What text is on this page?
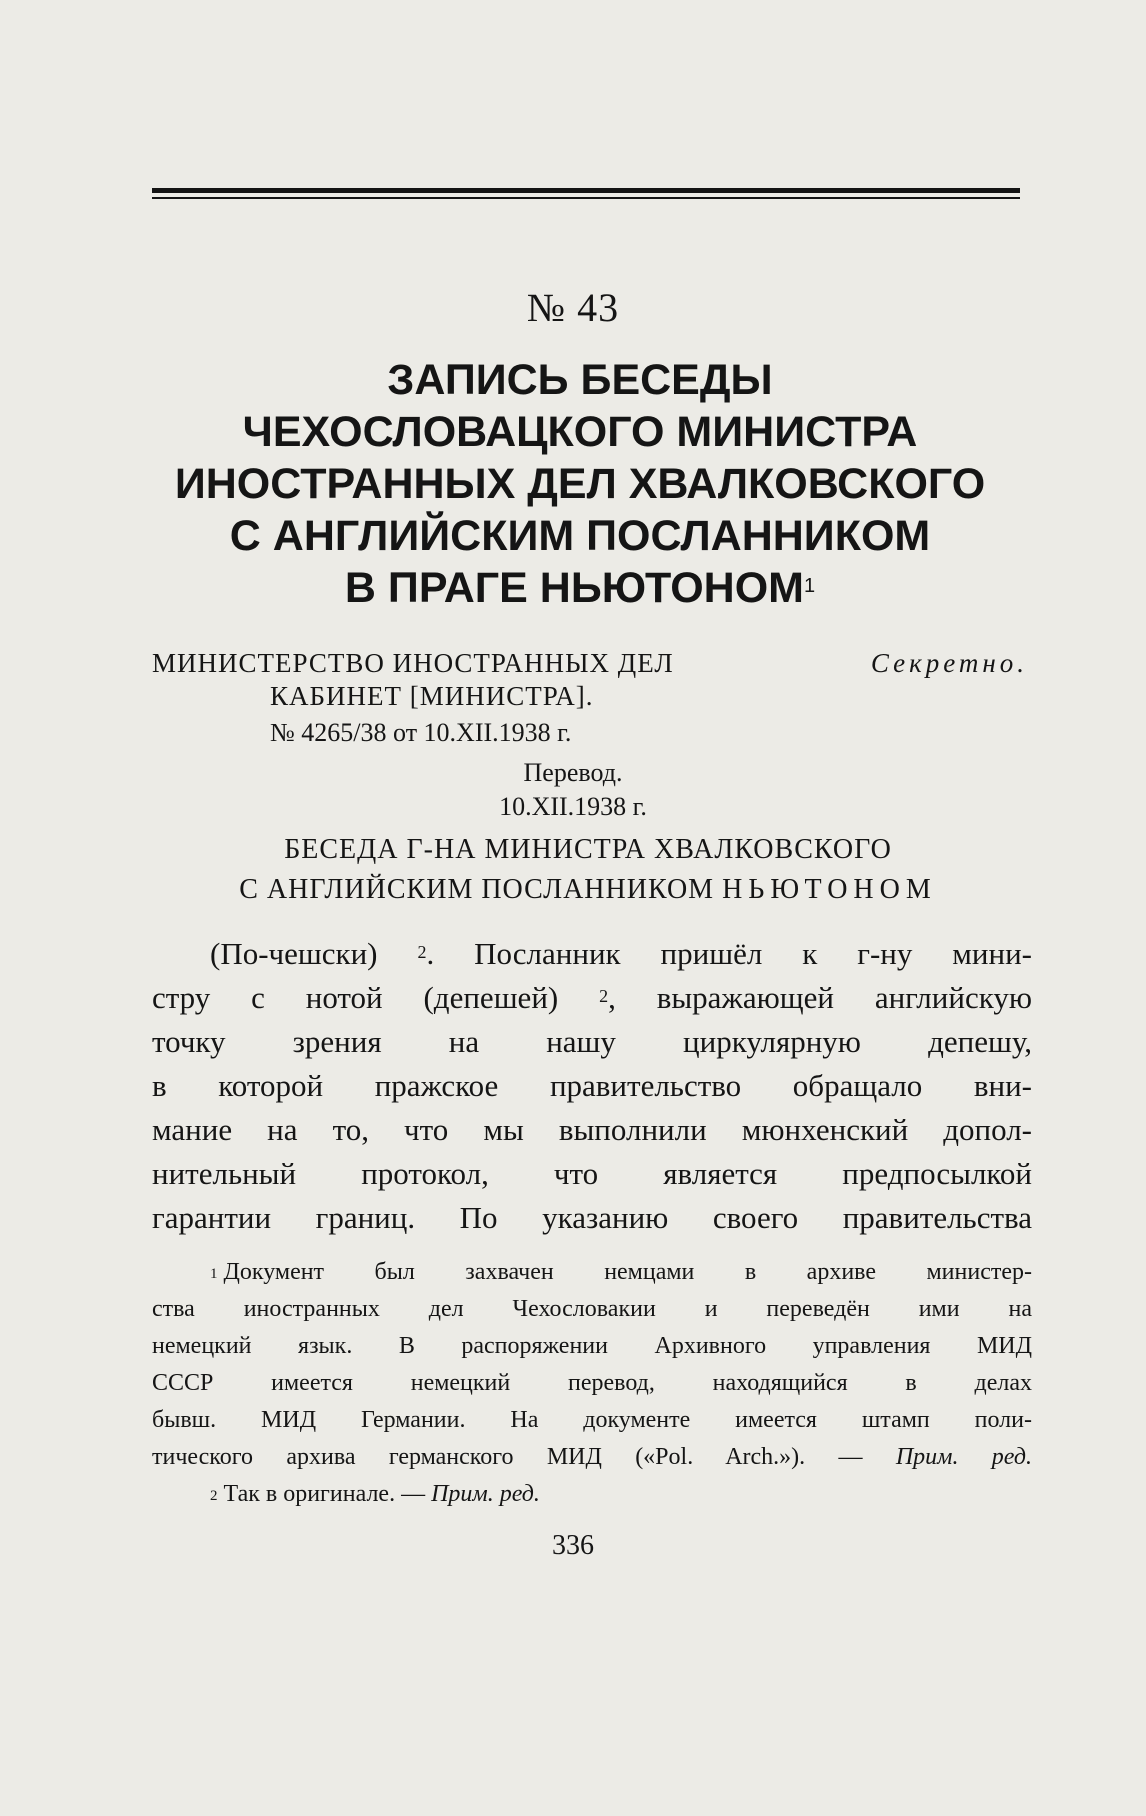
№ 43
ЗАПИСЬ БЕСЕДЫ
ЧЕХОСЛОВАЦКОГО МИНИСТРА
ИНОСТРАННЫХ ДЕЛ ХВАЛКОВСКОГО
С АНГЛИЙСКИМ ПОСЛАННИКОМ
В ПРАГЕ НЬЮТОНОМ$^1$
МИНИСТЕРСТВО ИНОСТРАННЫХ ДЕЛ	Секретно.
КАБИНЕТ [МИНИСТРА].
№ 4265/38 от 10.XII.1938 г.
Перевод.
10.XII.1938 г.
БЕСЕДА Г-НА МИНИСТРА ХВАЛКОВСКОГО
С АНГЛИЙСКИМ ПОСЛАННИКОМ НЬЮТОНОМ
(По-чешски) $^2$. Посланник пришёл к г-ну мини-
стру с нотой (депешей) $^2$, выражающей английскую
точку зрения на нашу циркулярную депешу,
в которой пражское правительство обращало вни-
мание на то, что мы выполнили мюнхенский допол-
нительный протокол, что является предпосылкой
гарантии границ. По указанию своего правительства
$^1$ Документ был захвачен немцами в архиве министер-
ства иностранных дел Чехословакии и переведён ими на
немецкий язык. В распоряжении Архивного управления МИД
СССР имеется немецкий перевод, находящийся в делах
бывш. МИД Германии. На документе имеется штамп поли-
тического архива германского МИД («Pol. Arch.»). — Прим. ред.
$^2$ Так в оригинале. — Прим. ред.
336
